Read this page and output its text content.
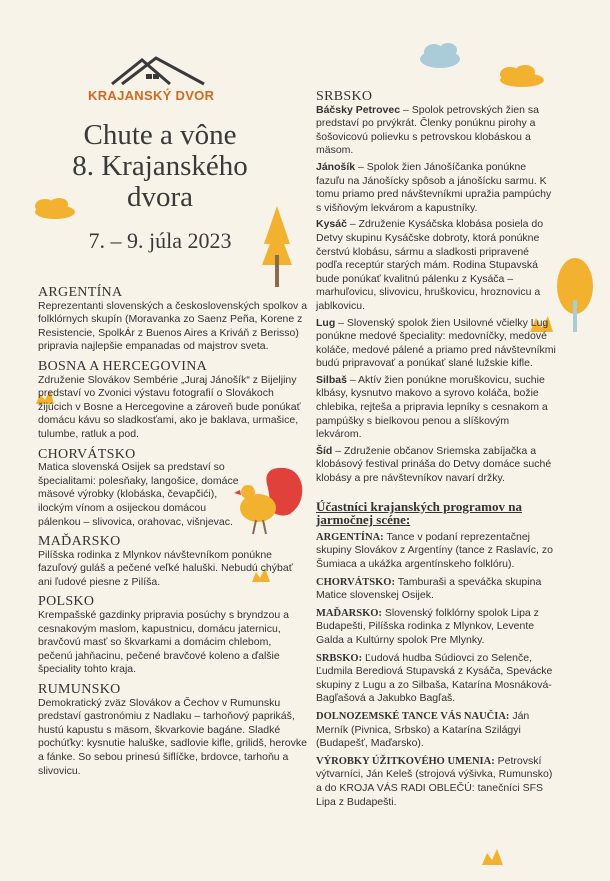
KRAJANSKÝ DVOR
Chute a vône
8. Krajanského
dvora
7. – 9. júla 2023
ARGENTÍNA

Reprezentanti slovenských a československých spolkov a folklórnych skupín (Moravanka zo Saenz Peña, Korene z Resistencie, SpolkÁr z Buenos Aires a Kriváň z Berisso) pripravia najlepšie empanadas od majstrov sveta.

BOSNA A HERCEGOVINA

Združenie Slovákov Sembérie „Juraj Jánošík“ z Bijeljiny predstaví vo Zvonici výstavu fotografií o Slovákoch žijúcich v Bosne a Hercegovine a zároveň bude ponúkať domácu kávu so sladkosťami, ako je baklava, urmašice, tulumbe, ratluk a pod.

CHORVÁTSKO

Matica slovenská Osijek sa predstaví so špecialitami: polesňaky, langošice, domáce mäsové výrobky (klobáska, čevapčići), ilockým vínom a osijeckou domácou pálenkou – slivovica, orahovac, višnjevac.

MAĎARSKO

Pilíšska rodinka z Mlynkov návštevníkom ponúkne fazuľový guláš a pečené veľké haluški. Nebudú chýbať ani ľudové piesne z Pilíša.

POLSKO

Krempašské gazdinky pripravia posúchy s bryndzou a cesnakovým maslom, kapustnicu, domácu jaternicu, bravčovú masť so škvarkami a domácim chlebom, pečenú jahňacinu, pečené bravčové koleno a ďalšie špeciality tohto kraja.

RUMUNSKO

Demokratický zväz Slovákov a Čechov v Rumunsku predstaví gastronómiu z Nadlaku – tarhoňový paprikáš, hustú kapustu s mäsom, škvarkovie bagáne. Sladké pochúťky: kysnutie haluške, sadlovie kifle, grilidš, herovke a fánke. So sebou prinesú šiflíčke, brdovce, tarhoňu a slivovicu.

SRBSKO

Báčsky Petrovec – Spolok petrovských žien sa predstaví po prvýkrát. Členky ponúknu pirohy a šošovicovú polievku s petrovskou klobáskou a mäsom.

Jánošík – Spolok žien Jánošíčanka ponúkne fazuľu na Jánošícky spôsob a jánošícku sarmu. K tomu priamo pred návštevníkmi upražia pampúchy s višňovým lekvárom a kapustníky.

Kysáč – Združenie Kysáčska klobása posiela do Detvy skupinu Kysáčske dobroty, ktorá ponúkne čerstvú klobásu, sármu a sladkosti pripravené podľa receptúr starých mám. Rodina Stupavská bude ponúkať kvalitnú pálenku z Kysáča – marhuľovicu, slivovicu, hruškovicu, hroznovicu a jablkovicu.

Lug – Slovenský spolok žien Usilovné včielky Lug ponúkne medové špeciality: medovníčky, medové koláče, medové pálené a priamo pred návštevníkmi budú pripravovať a ponúkať slané lužskie kifle.

Silbaš – Aktív žien ponúkne moruškovicu, suchie klbásy, kysnutvo makovo a syrovo koláča, božie chlebika, rejteša a pripravia lepníky s cesnakom a pampúšky s bielkovou penou a slíškovým lekvárom.

Šíd – Združenie občanov Sriemska zabíjačka a klobásový festival prináša do Detvy domáce suché klobásy a pre návštevníkov navarí držky.

Účastníci krajanských programov na jarmočnej scéne:

ARGENTÍNA: Tance v podaní reprezentačnej skupiny Slovákov z Argentíny (tance z Raslavíc, zo Šumiaca a ukážka argentínskeho folklóru).

CHORVÁTSKO: Tamburaši a speváčka skupina Matice slovenskej Osijek.

MAĎARSKO: Slovenský folklórny spolok Lipa z Budapešti, Pilíšska rodinka z Mlynkov, Levente Galda a Kultúrny spolok Pre Mlynky.

SRBSKO: Ľudová hudba Súdiovci zo Selenče, Ľudmila Beredіová Stupavská z Kysáča, Spevácke skupiny z Lugu a zo Silbaša, Katarína Mosnáková-Bagľašová a Jakubko Bagľaš.

DOLNOZEMSKÉ TANCE VÁS NAUČIA: Ján Merník (Pivnica, Srbsko) a Katarína Szilágyi (Budapešť, Maďarsko).

VÝROBKY ÚŽITKOVÉHO UMENIA: Petrovskí výtvarníci, Ján Keleš (strojová výšivka, Rumunsko) a do KROJA VÁS RADI OBLEČÚ: tanečníci SFS Lipa z Budapešti.
